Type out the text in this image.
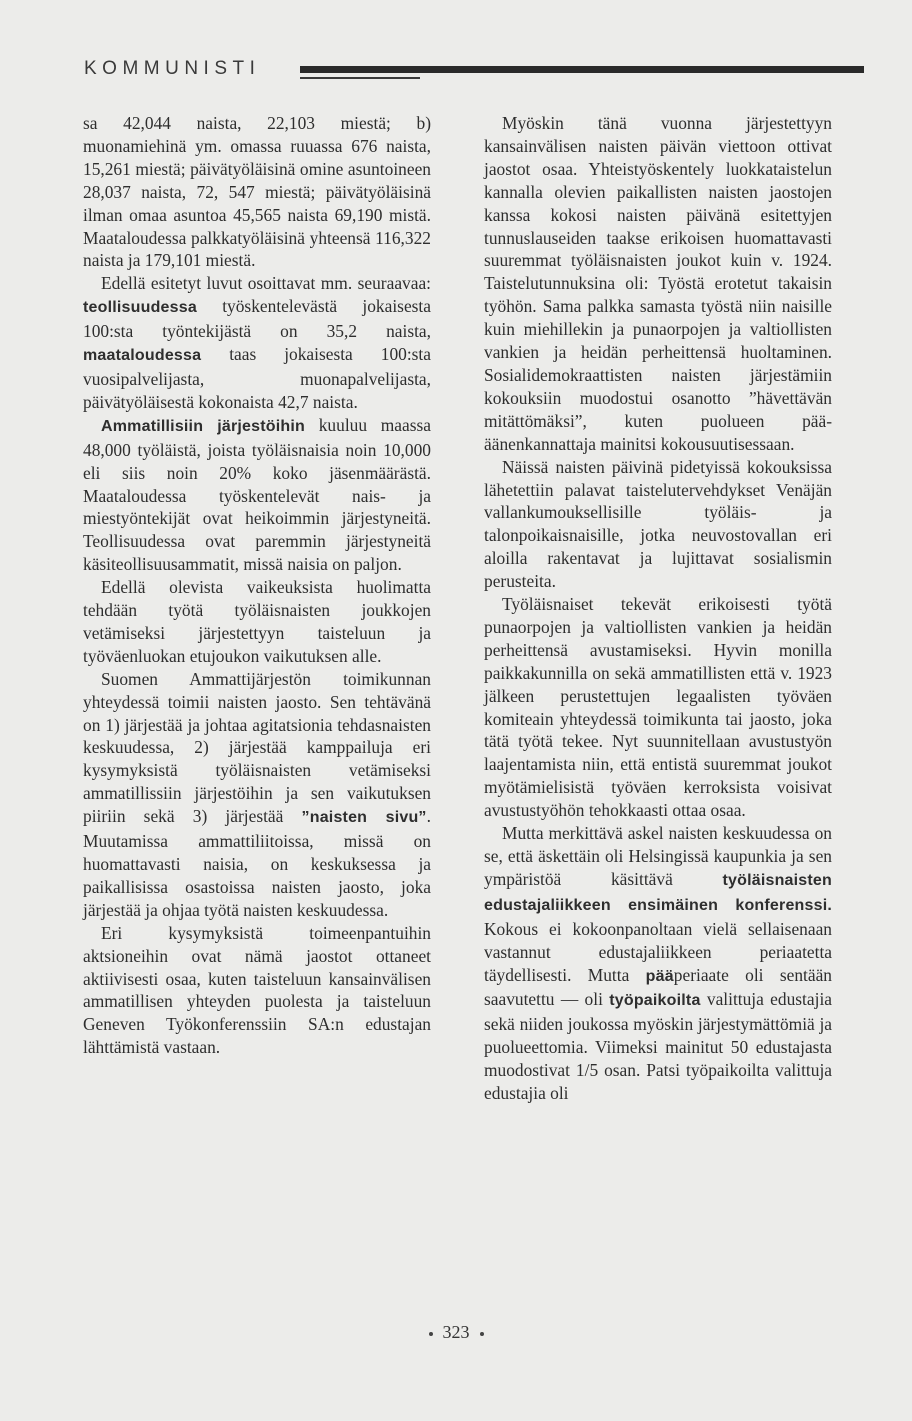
KOMMUNISTI

sa 42,044 naista, 22,103 miestä; b) muonamiehinä ym. omassa ruuassa 676 naista, 15,261 miestä; päivätyöläisinä omine asuntoineen 28,037 naista, 72, 547 miestä; päivätyöläisinä ilman omaa asuntoa 45,565 naista 69,190 mistä. Maataloudessa palkkatyöläisinä yhteensä 116,322 naista ja 179,101 miestä.

Edellä esitetyt luvut osoittavat mm. seuraavaa: teollisuudessa työskentelevästä jokaisesta 100:sta työntekijästä on 35,2 naista, maataloudessa taas jokaisesta 100:sta vuosipalvelijasta, muonapalvelijasta, päivätyöläisestä kokonaista 42,7 naista.

Ammatillisiin järjestöihin kuuluu maassa 48,000 työläistä, joista työläisnaisia noin 10,000 eli siis noin 20% koko jäsenmäärästä. Maataloudessa työskentelevät nais- ja miestyöntekijät ovat heikoimmin järjestyneitä. Teollisuudessa ovat paremmin järjestyneitä käsiteollisuusammatit, missä naisia on paljon.

Edellä olevista vaikeuksista huolimatta tehdään työtä työläisnaisten joukkojen vetämiseksi järjestettyyn taisteluun ja työväenluokan etujoukon vaikutuksen alle.

Suomen Ammattijärjestön toimikunnan yhteydessä toimii naisten jaosto. Sen tehtävänä on 1) järjestää ja johtaa agitatsionia tehdasnaisten keskuudessa, 2) järjestää kamppailuja eri kysymyksistä työläisnaisten vetämiseksi ammatillissiin järjestöihin ja sen vaikutuksen piiriin sekä 3) järjestää ”naisten sivu”. Muutamissa ammattiliitoissa, missä on huomattavasti naisia, on keskuksessa ja paikallisissa osastoissa naisten jaosto, joka järjestää ja ohjaa työtä naisten keskuudessa.

Eri kysymyksistä toimeenpantuihin aktsioneihin ovat nämä jaostot ottaneet aktiivisesti osaa, kuten taisteluun kansainvälisen ammatillisen yhteyden puolesta ja taisteluun Geneven Työkonferenssiin SA:n edustajan lähttämistä vastaan.

Myöskin tänä vuonna järjestettyyn kansainvälisen naisten päivän viettoon ottivat jaostot osaa. Yhteistyöskentely luokkataistelun kannalla olevien paikallisten naisten jaostojen kanssa kokosi naisten päivänä esitettyjen tunnuslauseiden taakse erikoisen huomattavasti suuremmat työläisnaisten joukot kuin v. 1924. Taistelutunnuksina oli: Työstä erotetut takaisin työhön. Sama palkka samasta työstä niin naisille kuin miehillekin ja punaorpojen ja valtiollisten vankien ja heidän perheittensä huoltaminen. Sosialidemokraattisten naisten järjestämiin kokouksiin muodostui osanotto ”hävettävän mitättömäksi”, kuten puolueen pää-äänenkannattaja mainitsi kokousuutisessaan.

Näissä naisten päivinä pidetyissä kokouksissa lähetettiin palavat taistelutervehdykset Venäjän vallankumouksellisille työläis- ja talonpoikaisnaisille, jotka neuvostovallan eri aloilla rakentavat ja lujittavat sosialismin perusteita.

Työläisnaiset tekevät erikoisesti työtä punaorpojen ja valtiollisten vankien ja heidän perheittensä avustamiseksi. Hyvin monilla paikkakunnilla on sekä ammatillisten että v. 1923 jälkeen perustettujen legaalisten työväen komiteain yhteydessä toimikunta tai jaosto, joka tätä työtä tekee. Nyt suunnitellaan avustustyön laajentamista niin, että entistä suuremmat joukot myötämielisistä työväen kerroksista voisivat avustustyöhön tehokkaasti ottaa osaa.

Mutta merkittävä askel naisten keskuudessa on se, että äskettäin oli Helsingissä kaupunkia ja sen ympäristöä käsittävä työläisnaisten edustajaliikkeen ensimäinen konferenssi. Kokous ei kokoonpanoltaan vielä sellaisenaan vastannut edustajaliikkeen periaatetta täydellisesti. Mutta pääperiaate oli sentään saavutettu — oli työpaikoilta valittuja edustajia sekä niiden joukossa myöskin järjestymättömiä ja puolueettomia. Viimeksi mainitut 50 edustajasta muodostivat 1/5 osan. Patsi työpaikoilta valittuja edustajia oli

323
